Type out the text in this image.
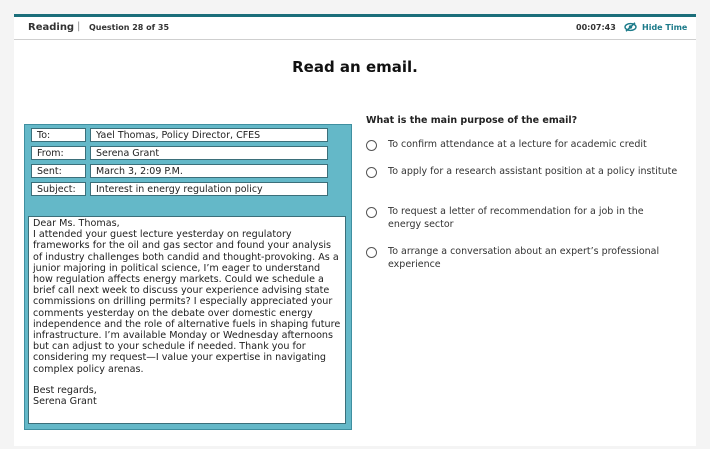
Reading | Question 28 of 35	00:07:43	Hide Time
Read an email.
To:	Yael Thomas, Policy Director, CFES
From:	Serena Grant
Sent:	March 3, 2:09 P.M.
Subject:	Interest in energy regulation policy

Dear Ms. Thomas,

I attended your guest lecture yesterday on regulatory frameworks for the oil and gas sector and found your analysis of industry challenges both candid and thought-provoking. As a junior majoring in political science, I’m eager to understand how regulation affects energy markets. Could we schedule a brief call next week to discuss your experience advising state commissions on drilling permits? I especially appreciated your comments yesterday on the debate over domestic energy independence and the role of alternative fuels in shaping future infrastructure. I’m available Monday or Wednesday afternoons but can adjust to your schedule if needed. Thank you for considering my request—I value your expertise in navigating complex policy arenas.

Best regards,

Serena Grant

What is the main purpose of the email?
To confirm attendance at a lecture for academic credit
To apply for a research assistant position at a policy institute
To request a letter of recommendation for a job in the energy sector
To arrange a conversation about an expert’s professional experience
